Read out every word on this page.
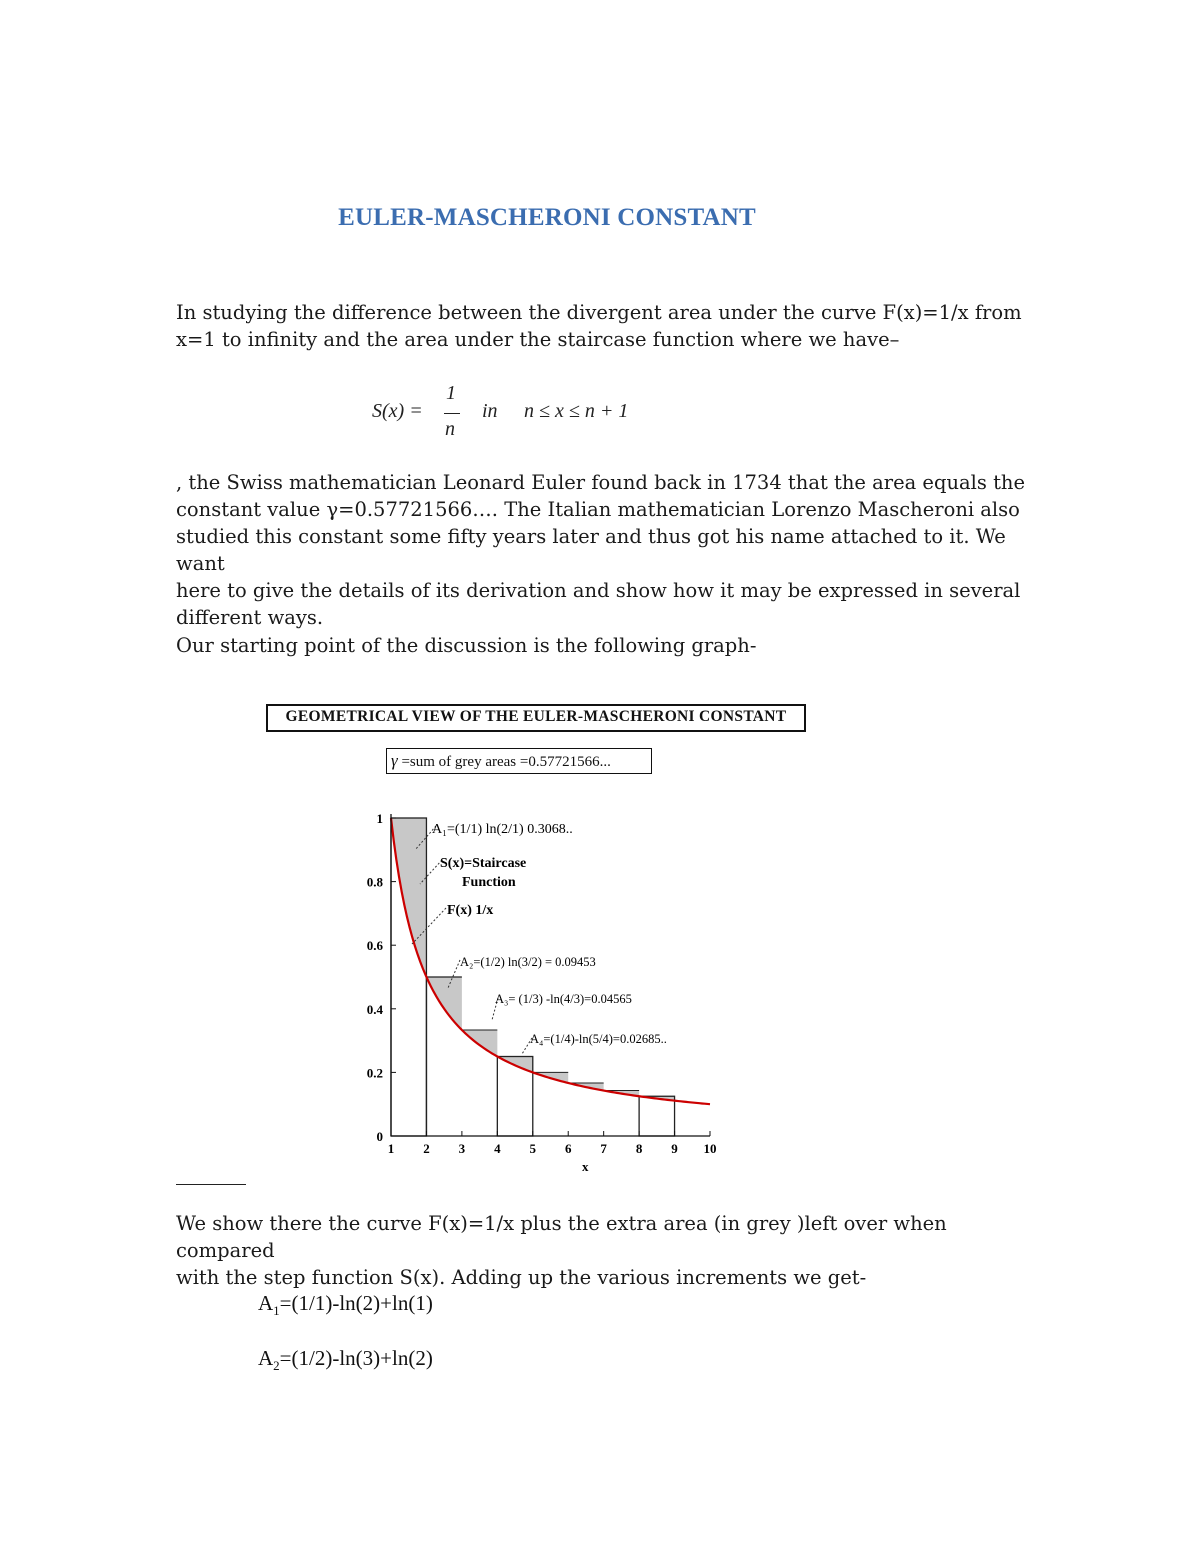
EULER-MASCHERONI CONSTANT
In studying the difference between the divergent area under the curve F(x)=1/x from
x=1 to infinity and the area under the staircase function where we have–
S(x) =
1
n
in n ≤ x ≤ n + 1
, the Swiss mathematician Leonard Euler found back in 1734 that the area equals the
constant value γ=0.57721566…. The Italian mathematician Lorenzo Mascheroni also
studied this constant some fifty years later and thus got his name attached to it. We want
here to give the details of its derivation and show how it may be expressed in several
different ways.
Our starting point of the discussion is the following graph-
GEOMETRICAL VIEW OF THE EULER-MASCHERONI CONSTANT
γ =sum of grey areas =0.57721566...
0
0.2
0.4
0.6
0.8
1
1 2 3 4 5 6 7 8 9 10
A₁=(1/1) ln(2/1) 0.3068..
S(x)=Staircase
Function
F(x) 1/x
A₂=(1/2) ln(3/2) = 0.09453
A₃= (1/3) -ln(4/3)=0.04565
A₄=(1/4)-ln(5/4)=0.02685..
x
We show there the curve F(x)=1/x plus the extra area (in grey )left over when compared
with the step function S(x). Adding up the various increments we get-
$A_1=(1/1)-\ln(2)+\ln(1)$
$A_2=(1/2)-\ln(3)+\ln(2)$
